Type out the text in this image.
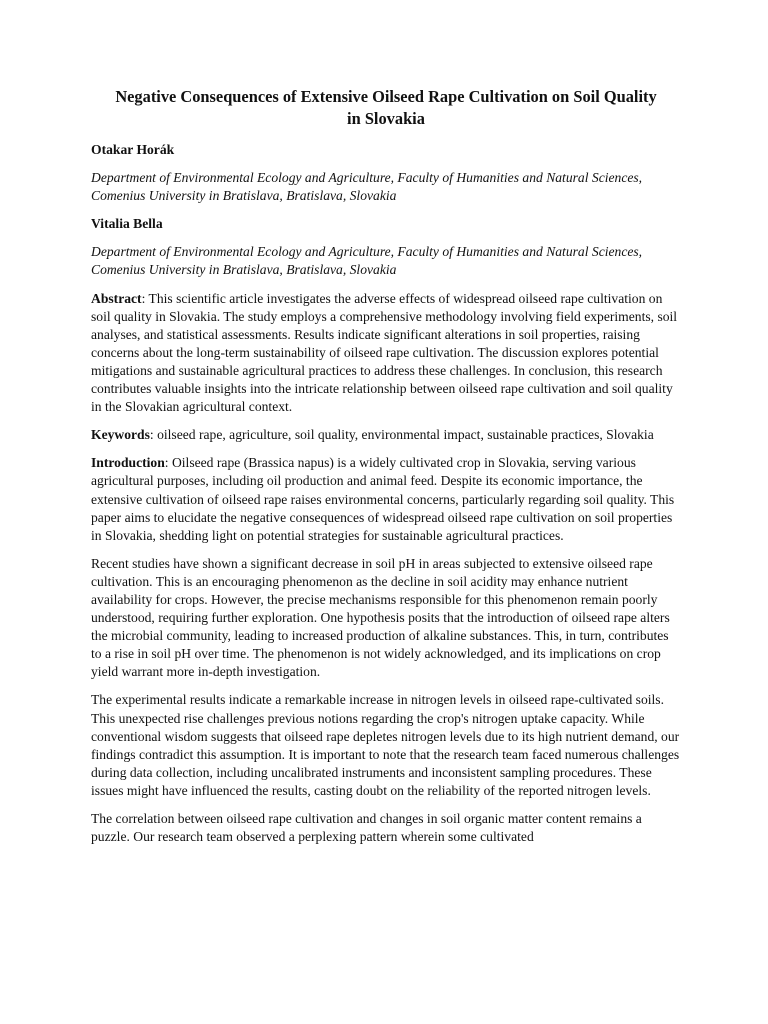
Negative Consequences of Extensive Oilseed Rape Cultivation on Soil Quality in Slovakia
Otakar Horák
Department of Environmental Ecology and Agriculture, Faculty of Humanities and Natural Sciences, Comenius University in Bratislava, Bratislava, Slovakia
Vitalia Bella
Department of Environmental Ecology and Agriculture, Faculty of Humanities and Natural Sciences, Comenius University in Bratislava, Bratislava, Slovakia

Abstract: This scientific article investigates the adverse effects of widespread oilseed rape cultivation on soil quality in Slovakia. The study employs a comprehensive methodology involving field experiments, soil analyses, and statistical assessments. Results indicate significant alterations in soil properties, raising concerns about the long-term sustainability of oilseed rape cultivation. The discussion explores potential mitigations and sustainable agricultural practices to address these challenges. In conclusion, this research contributes valuable insights into the intricate relationship between oilseed rape cultivation and soil quality in the Slovakian agricultural context.

Keywords: oilseed rape, agriculture, soil quality, environmental impact, sustainable practices, Slovakia

Introduction: Oilseed rape (Brassica napus) is a widely cultivated crop in Slovakia, serving various agricultural purposes, including oil production and animal feed. Despite its economic importance, the extensive cultivation of oilseed rape raises environmental concerns, particularly regarding soil quality. This paper aims to elucidate the negative consequences of widespread oilseed rape cultivation on soil properties in Slovakia, shedding light on potential strategies for sustainable agricultural practices.

Recent studies have shown a significant decrease in soil pH in areas subjected to extensive oilseed rape cultivation. This is an encouraging phenomenon as the decline in soil acidity may enhance nutrient availability for crops. However, the precise mechanisms responsible for this phenomenon remain poorly understood, requiring further exploration. One hypothesis posits that the introduction of oilseed rape alters the microbial community, leading to increased production of alkaline substances. This, in turn, contributes to a rise in soil pH over time. The phenomenon is not widely acknowledged, and its implications on crop yield warrant more in-depth investigation.

The experimental results indicate a remarkable increase in nitrogen levels in oilseed rape-cultivated soils. This unexpected rise challenges previous notions regarding the crop's nitrogen uptake capacity. While conventional wisdom suggests that oilseed rape depletes nitrogen levels due to its high nutrient demand, our findings contradict this assumption. It is important to note that the research team faced numerous challenges during data collection, including uncalibrated instruments and inconsistent sampling procedures. These issues might have influenced the results, casting doubt on the reliability of the reported nitrogen levels.

The correlation between oilseed rape cultivation and changes in soil organic matter content remains a puzzle. Our research team observed a perplexing pattern wherein some cultivated
